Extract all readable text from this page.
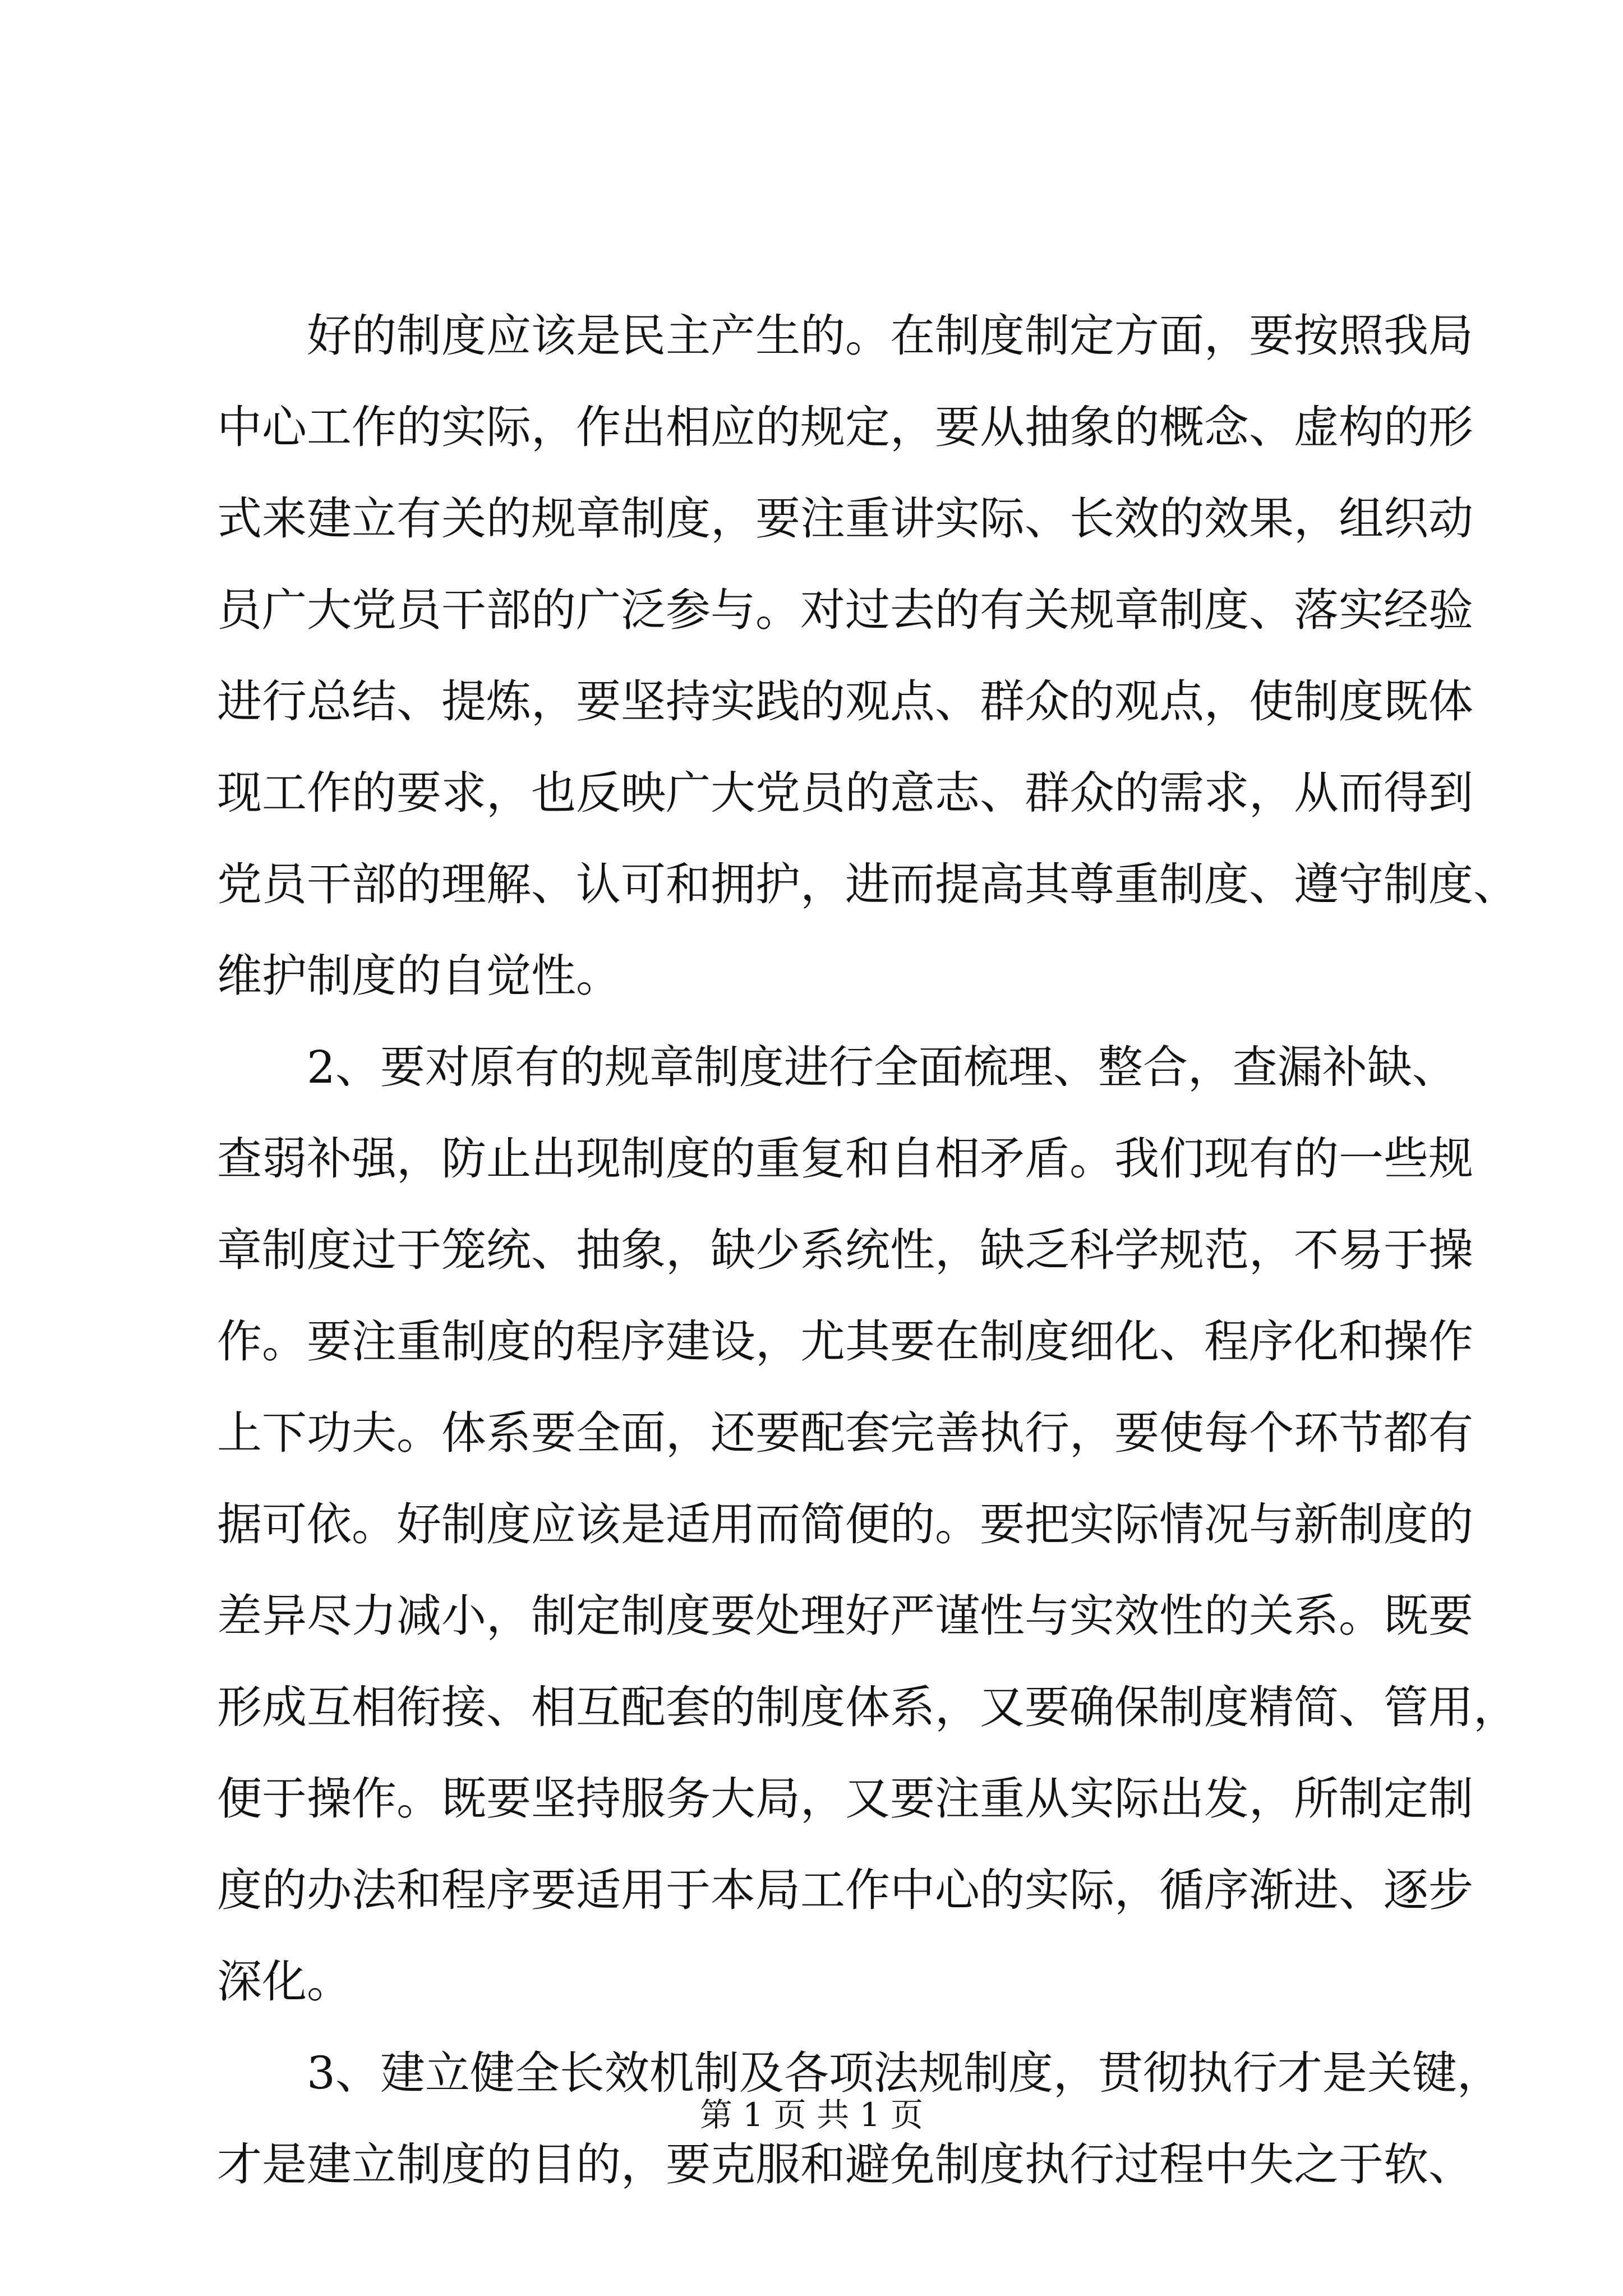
　　好的制度应该是民主产生的。在制度制定方面，要按照我局
中心工作的实际，作出相应的规定，要从抽象的概念、虚构的形
式来建立有关的规章制度，要注重讲实际、长效的效果，组织动
员广大党员干部的广泛参与。对过去的有关规章制度、落实经验
进行总结、提炼，要坚持实践的观点、群众的观点，使制度既体
现工作的要求，也反映广大党员的意志、群众的需求，从而得到
党员干部的理解、认可和拥护，进而提高其尊重制度、遵守制度、
维护制度的自觉性。
　　2、要对原有的规章制度进行全面梳理、整合，查漏补缺、
查弱补强，防止出现制度的重复和自相矛盾。我们现有的一些规
章制度过于笼统、抽象，缺少系统性，缺乏科学规范，不易于操
作。要注重制度的程序建设，尤其要在制度细化、程序化和操作
上下功夫。体系要全面，还要配套完善执行，要使每个环节都有
据可依。好制度应该是适用而简便的。要把实际情况与新制度的
差异尽力减小，制定制度要处理好严谨性与实效性的关系。既要
形成互相衔接、相互配套的制度体系，又要确保制度精简、管用，
便于操作。既要坚持服务大局，又要注重从实际出发，所制定制
度的办法和程序要适用于本局工作中心的实际，循序渐进、逐步
深化。
　　3、建立健全长效机制及各项法规制度，贯彻执行才是关键，
才是建立制度的目的，要克服和避免制度执行过程中失之于软、
第 1 页 共 1 页
